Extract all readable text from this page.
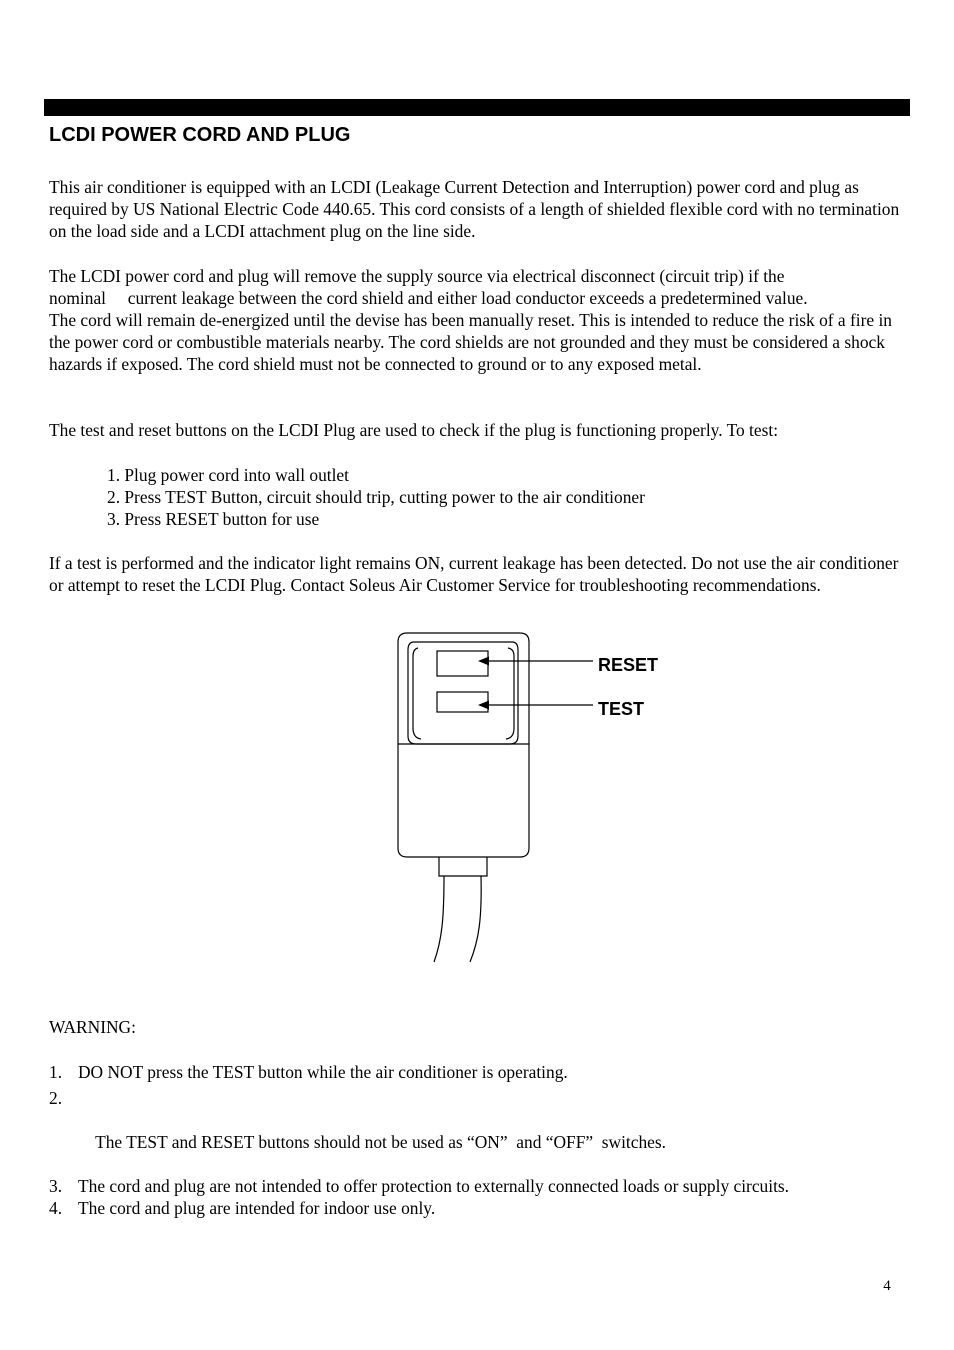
LCDI POWER CORD AND PLUG

This air conditioner is equipped with an LCDI (Leakage Current Detection and Interruption) power cord and plug as required by US National Electric Code 440.65. This cord consists of a length of shielded flexible cord with no termination on the load side and a LCDI attachment plug on the line side.

The LCDI power cord and plug will remove the supply source via electrical disconnect (circuit trip) if the
nominal     current leakage between the cord shield and either load conductor exceeds a predetermined value.
The cord will remain de-energized until the devise has been manually reset. This is intended to reduce the risk of a fire in the power cord or combustible materials nearby. The cord shields are not grounded and they must be considered a shock hazards if exposed. The cord shield must not be connected to ground or to any exposed metal.

The test and reset buttons on the LCDI Plug are used to check if the plug is functioning properly. To test:

1. Plug power cord into wall outlet
2. Press TEST Button, circuit should trip, cutting power to the air conditioner
3. Press RESET button for use

If a test is performed and the indicator light remains ON, current leakage has been detected. Do not use the air conditioner or attempt to reset the LCDI Plug. Contact Soleus Air Customer Service for troubleshooting recommendations.

RESET
TEST

WARNING:

1. DO NOT press the TEST button while the air conditioner is operating.

2.

The TEST and RESET buttons should not be used as “ON”  and “OFF”  switches.

3. The cord and plug are not intended to offer protection to externally connected loads or supply circuits.
4. The cord and plug are intended for indoor use only.
4
